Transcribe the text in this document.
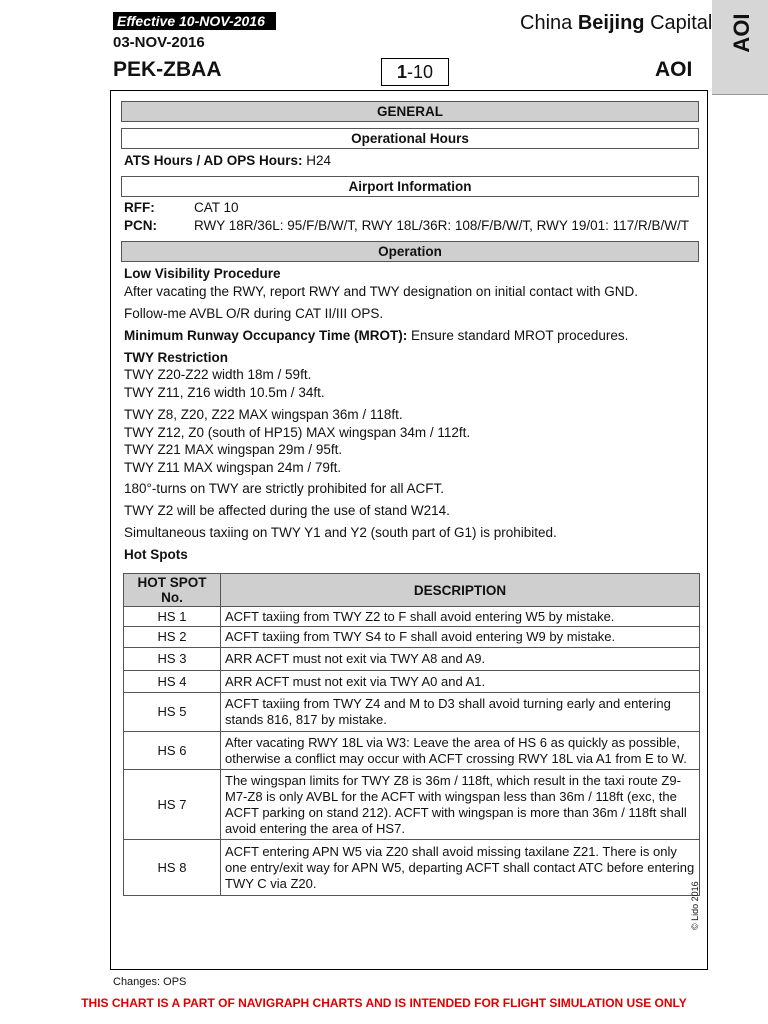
Effective 10-NOV-2016
03-NOV-2016
PEK-ZBAA
China Beijing Capital
1-10	AOI
AOI
GENERAL
Operational Hours
ATS Hours / AD OPS Hours: H24
Airport Information
RFF:	CAT 10
PCN:	RWY 18R/36L: 95/F/B/W/T, RWY 18L/36R: 108/F/B/W/T, RWY 19/01: 117/R/B/W/T
Operation
Low Visibility Procedure
After vacating the RWY, report RWY and TWY designation on initial contact with GND.
Follow-me AVBL O/R during CAT II/III OPS.
Minimum Runway Occupancy Time (MROT): Ensure standard MROT procedures.
TWY Restriction
TWY Z20-Z22 width 18m / 59ft.
TWY Z11, Z16 width 10.5m / 34ft.
TWY Z8, Z20, Z22 MAX wingspan 36m / 118ft.
TWY Z12, Z0 (south of HP15) MAX wingspan 34m / 112ft.
TWY Z21 MAX wingspan 29m / 95ft.
TWY Z11 MAX wingspan 24m / 79ft.
180°-turns on TWY are strictly prohibited for all ACFT.
TWY Z2 will be affected during the use of stand W214.
Simultaneous taxiing on TWY Y1 and Y2 (south part of G1) is prohibited.
Hot Spots
HOT SPOT No.	DESCRIPTION
HS 1	ACFT taxiing from TWY Z2 to F shall avoid entering W5 by mistake.
HS 2	ACFT taxiing from TWY S4 to F shall avoid entering W9 by mistake.
HS 3	ARR ACFT must not exit via TWY A8 and A9.
HS 4	ARR ACFT must not exit via TWY A0 and A1.
HS 5	ACFT taxiing from TWY Z4 and M to D3 shall avoid turning early and entering stands 816, 817 by mistake.
HS 6	After vacating RWY 18L via W3: Leave the area of HS 6 as quickly as possible, otherwise a conflict may occur with ACFT crossing RWY 18L via A1 from E to W.
HS 7	The wingspan limits for TWY Z8 is 36m / 118ft, which result in the taxi route Z9-M7-Z8 is only AVBL for the ACFT with wingspan less than 36m / 118ft (exc, the ACFT parking on stand 212). ACFT with wingspan is more than 36m / 118ft shall avoid entering the area of HS7.
HS 8	ACFT entering APN W5 via Z20 shall avoid missing taxilane Z21. There is only one entry/exit way for APN W5, departing ACFT shall contact ATC before entering TWY C via Z20.	© Lido 2016
Changes: OPS
THIS CHART IS A PART OF NAVIGRAPH CHARTS AND IS INTENDED FOR FLIGHT SIMULATION USE ONLY
